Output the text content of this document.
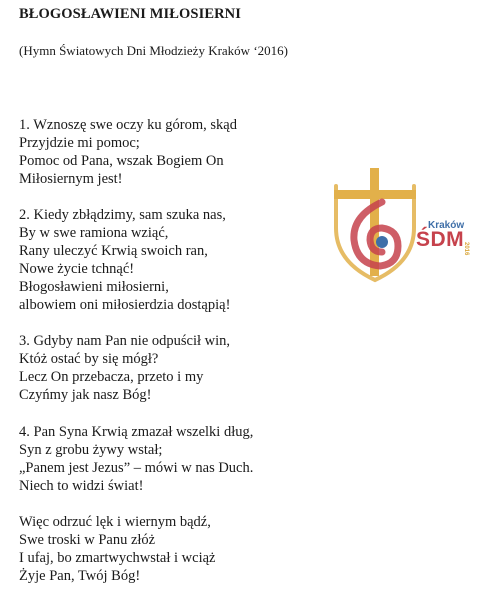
BŁOGOSŁAWIENI MIŁOSIERNI
(Hymn Światowych Dni Młodzieży Kraków ‘2016)
1. Wznoszę swe oczy ku górom, skąd
Przyjdzie mi pomoc;
Pomoc od Pana, wszak Bogiem On
Miłosiernym jest!
2. Kiedy zbłądzimy, sam szuka nas,
By w swe ramiona wziąć,
Rany uleczyć Krwią swoich ran,
Nowe życie tchnąć!
Błogosławieni miłosierni,
albowiem oni miłosierdzia dostąpią!
3. Gdyby nam Pan nie odpuścił win,
Któż ostać by się mógł?
Lecz On przebacza, przeto i my
Czyńmy jak nasz Bóg!
4. Pan Syna Krwią zmazał wszelki dług,
Syn z grobu żywy wstał;
„Panem jest Jezus” – mówi w nas Duch.
Niech to widzi świat!
Więc odrzuć lęk i wiernym bądź,
Swe troski w Panu złóż
I ufaj, bo zmartwychwstał i wciąż
Żyje Pan, Twój Bóg!
Kraków
ŚDM
2016
